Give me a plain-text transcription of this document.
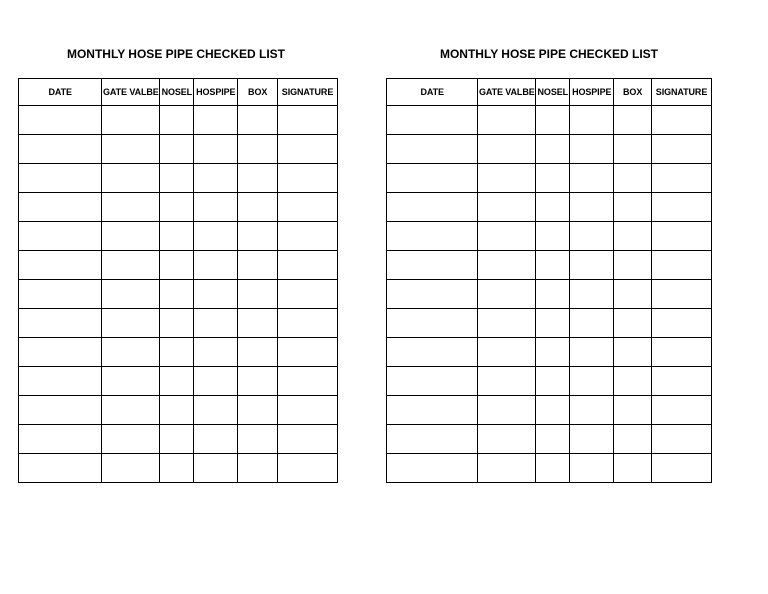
MONTHLY HOSE PIPE CHECKED LIST
DATE	GATE VALBE	NOSEL	HOSPIPE	BOX	SIGNATURE

MONTHLY HOSE PIPE CHECKED LIST
DATE	GATE VALBE	NOSEL	HOSPIPE	BOX	SIGNATURE
